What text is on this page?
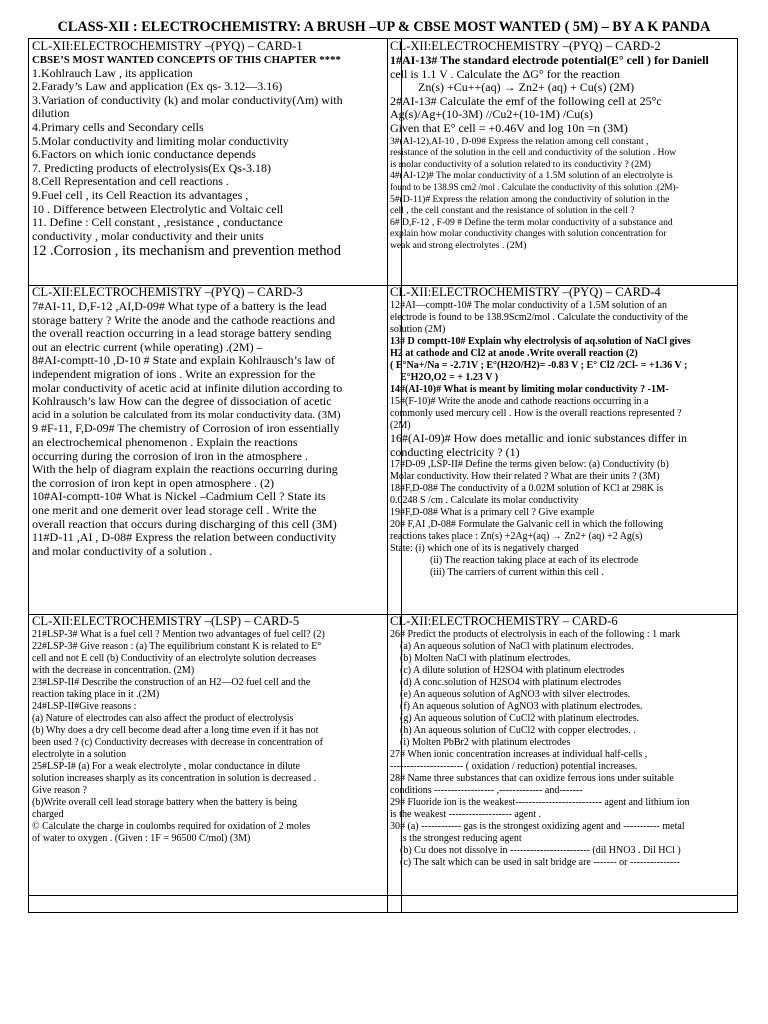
CLASS-XII : ELECTROCHEMISTRY: A BRUSH –UP & CBSE MOST WANTED ( 5M) – BY A K PANDA
CL-XII:ELECTROCHEMISTRY –(PYQ) – CARD-1
CBSE’S MOST WANTED CONCEPTS OF THIS CHAPTER ****
1.Kohlrauch Law , its application
2.Farady’s Law and application (Ex qs- 3.12—3.16)
3.Variation of conductivity (k) and molar conductivity(Λm) with
dilution
4.Primary cells and Secondary cells
5.Molar conductivity and limiting molar conductivity
6.Factors on which ionic conductance depends
7. Predicting products of electrolysis(Ex Qs-3.18)
8.Cell Representation and cell reactions .
9.Fuel cell , its Cell Reaction its advantages ,
10 . Difference between Electrolytic and Voltaic cell
11. Define : Cell constant , ,resistance , conductance
conductivity , molar conductivity and their units
12 .Corrosion , its mechanism and prevention method
CL-XII:ELECTROCHEMISTRY –(PYQ) – CARD-2
1#AI-13# The standard electrode potential(E° cell ) for Daniell
cell is 1.1 V . Calculate the ΔG° for the reaction
Zn(s) +Cu++(aq) → Zn2+ (aq) + Cu(s) (2M)
2#AI-13# Calculate the emf of the following cell at 25°c
Ag(s)/Ag+(10-3M) //Cu2+(10-1M) /Cu(s)
Given that E° cell = +0.46V and log 10n =n (3M)
3#(AI-12),AI-10 , D-09# Express the relation among cell constant ,
resistance of the solution in the cell and conductivity of the solution . How
is molar conductivity of a solution related to its conductivity ? (2M)
4#(AI-12)# The molar conductivity of a 1.5M solution of an electrolyte is
found to be 138.9S cm2 /mol . Calculate the conductivity of this solution .(2M)-
5#(D-11)# Express the relation among the conductivity of solution in the
cell , the cell constant and the resistance of solution in the cell ?
6# D,F-12 , F-09 # Define the term molar conductivity of a substance and
explain how molar conductivity changes with solution concentration for
weak and strong electrolytes . (2M)
CL-XII:ELECTROCHEMISTRY –(PYQ) – CARD-3
7#AI-11, D,F-12 ,AI,D-09# What type of a battery is the lead
storage battery ? Write the anode and the cathode reactions and
the overall reaction occurring in a lead storage battery sending
out an electric current (while operating) .(2M) –
8#AI-comptt-10 ,D-10 # State and explain Kohlrausch’s law of
independent migration of ions . Write an expression for the
molar conductivity of acetic acid at infinite dilution according to
Kohlrausch’s law How can the degree of dissociation of acetic
acid in a solution be calculated from its molar conductivity data. (3M)
9 #F-11, F,D-09# The chemistry of Corrosion of iron essentially
an electrochemical phenomenon . Explain the reactions
occurring during the corrosion of iron in the atmosphere .
With the help of diagram explain the reactions occurring during
the corrosion of iron kept in open atmosphere . (2)
10#AI-comptt-10# What is Nickel –Cadmium Cell ? State its
one merit and one demerit over lead storage cell . Write the
overall reaction that occurs during discharging of this cell (3M)
11#D-11 ,AI , D-08# Express the relation between conductivity
and molar conductivity of a solution .
CL-XII:ELECTROCHEMISTRY –(PYQ) – CARD-4
12#AI—comptt-10# The molar conductivity of a 1.5M solution of an
electrode is found to be 138.9Scm2/mol . Calculate the conductivity of the
solution (2M)
13# D comptt-10# Explain why electrolysis of aq.solution of NaCl gives
H2 at cathode and Cl2 at anode .Write overall reaction (2)
( E°Na+/Na = -2.71V ; E°(H2O/H2)= -0.83 V ; E° Cl2 /2Cl- = +1.36 V ;
E°H2O,O2 = + 1.23 V )
14#(AI-10)# What is meant by limiting molar conductivity ? -1M-
15#(F-10)# Write the anode and cathode reactions occurring in a
commonly used mercury cell . How is the overall reactions represented ?
(2M)
16#(AI-09)# How does metallic and ionic substances differ in
conducting electricity ? (1)
17#D-09 ,LSP-II# Define the terms given below: (a) Conductivity (b)
Molar conductivity. How their related ? What are their units ? (3M)
18#F,D-08# The conductivity of a 0.02M solution of KCl at 298K is
0.0248 S /cm . Calculate its molar conductivity
19#F,D-08# What is a primary cell ? Give example
20# F,AI ,D-08# Formulate the Galvanic cell in which the following
reactions takes place : Zn(s) +2Ag+(aq) → Zn2+ (aq) +2 Ag(s)
State: (i) which one of its is negatively charged
(ii) The reaction taking place at each of its electrode
(iii) The carriers of current within this cell .
CL-XII:ELECTROCHEMISTRY –(LSP) – CARD-5
21#LSP-3# What is a fuel cell ? Mention two advantages of fuel cell? (2)
22#LSP-3# Give reason : (a) The equilibrium constant K is related to E°
cell and not E cell (b) Conductivity of an electrolyte solution decreases
with the decrease in concentration. (2M)
23#LSP-II# Describe the construction of an H2—O2 fuel cell and the
reaction taking place in it .(2M)
24#LSP-II#Give reasons :
(a) Nature of electrodes can also affect the product of electrolysis
(b) Why does a dry cell become dead after a long time even if it has not
been used ? (c) Conductivity decreases with decrease in concentration of
electrolyte in a solution
25#LSP-I# (a) For a weak electrolyte , molar conductance in dilute
solution increases sharply as its concentration in solution is decreased .
Give reason ?
(b)Write overall cell lead storage battery when the battery is being
charged
© Calculate the charge in coulombs required for oxidation of 2 moles
of water to oxygen . (Given : 1F = 96500 C/mol) (3M)
CL-XII:ELECTROCHEMISTRY – CARD-6
26# Predict the products of electrolysis in each of the following : 1 mark
(a) An aqueous solution of NaCl with platinum electrodes.
(b) Molten NaCl with platinum electrodes.
(c) A dilute solution of H2SO4 with platinum electrodes
(d) A conc.solution of H2SO4 with platinum electrodes
(e) An aqueous solution of AgNO3 with silver electrodes.
(f) An aqueous solution of AgNO3 with platinum electrodes.
(g) An aqueous solution of CuCl2 with platinum electrodes.
(h) An aqueous solution of CuCl2 with copper electrodes. .
(i) Molten PbBr2 with platinum electrodes
27# When ionic concentration increases at individual half-cells ,
---------------------- ( oxidation / reduction) potential increases.
28# Name three substances that can oxidize ferrous ions under suitable
conditions ------------------ ,------------- and-------
29# Fluoride ion is the weakest-------------------------- agent and lithium ion
is the weakest ------------------- agent .
30# (a) ------------ gas is the strongest oxidizing agent and ----------- metal
is the strongest reducing agent
(b) Cu does not dissolve in ------------------------ (dil HNO3 . Dil HCl )
(c) The salt which can be used in salt bridge are ------- or ---------------
